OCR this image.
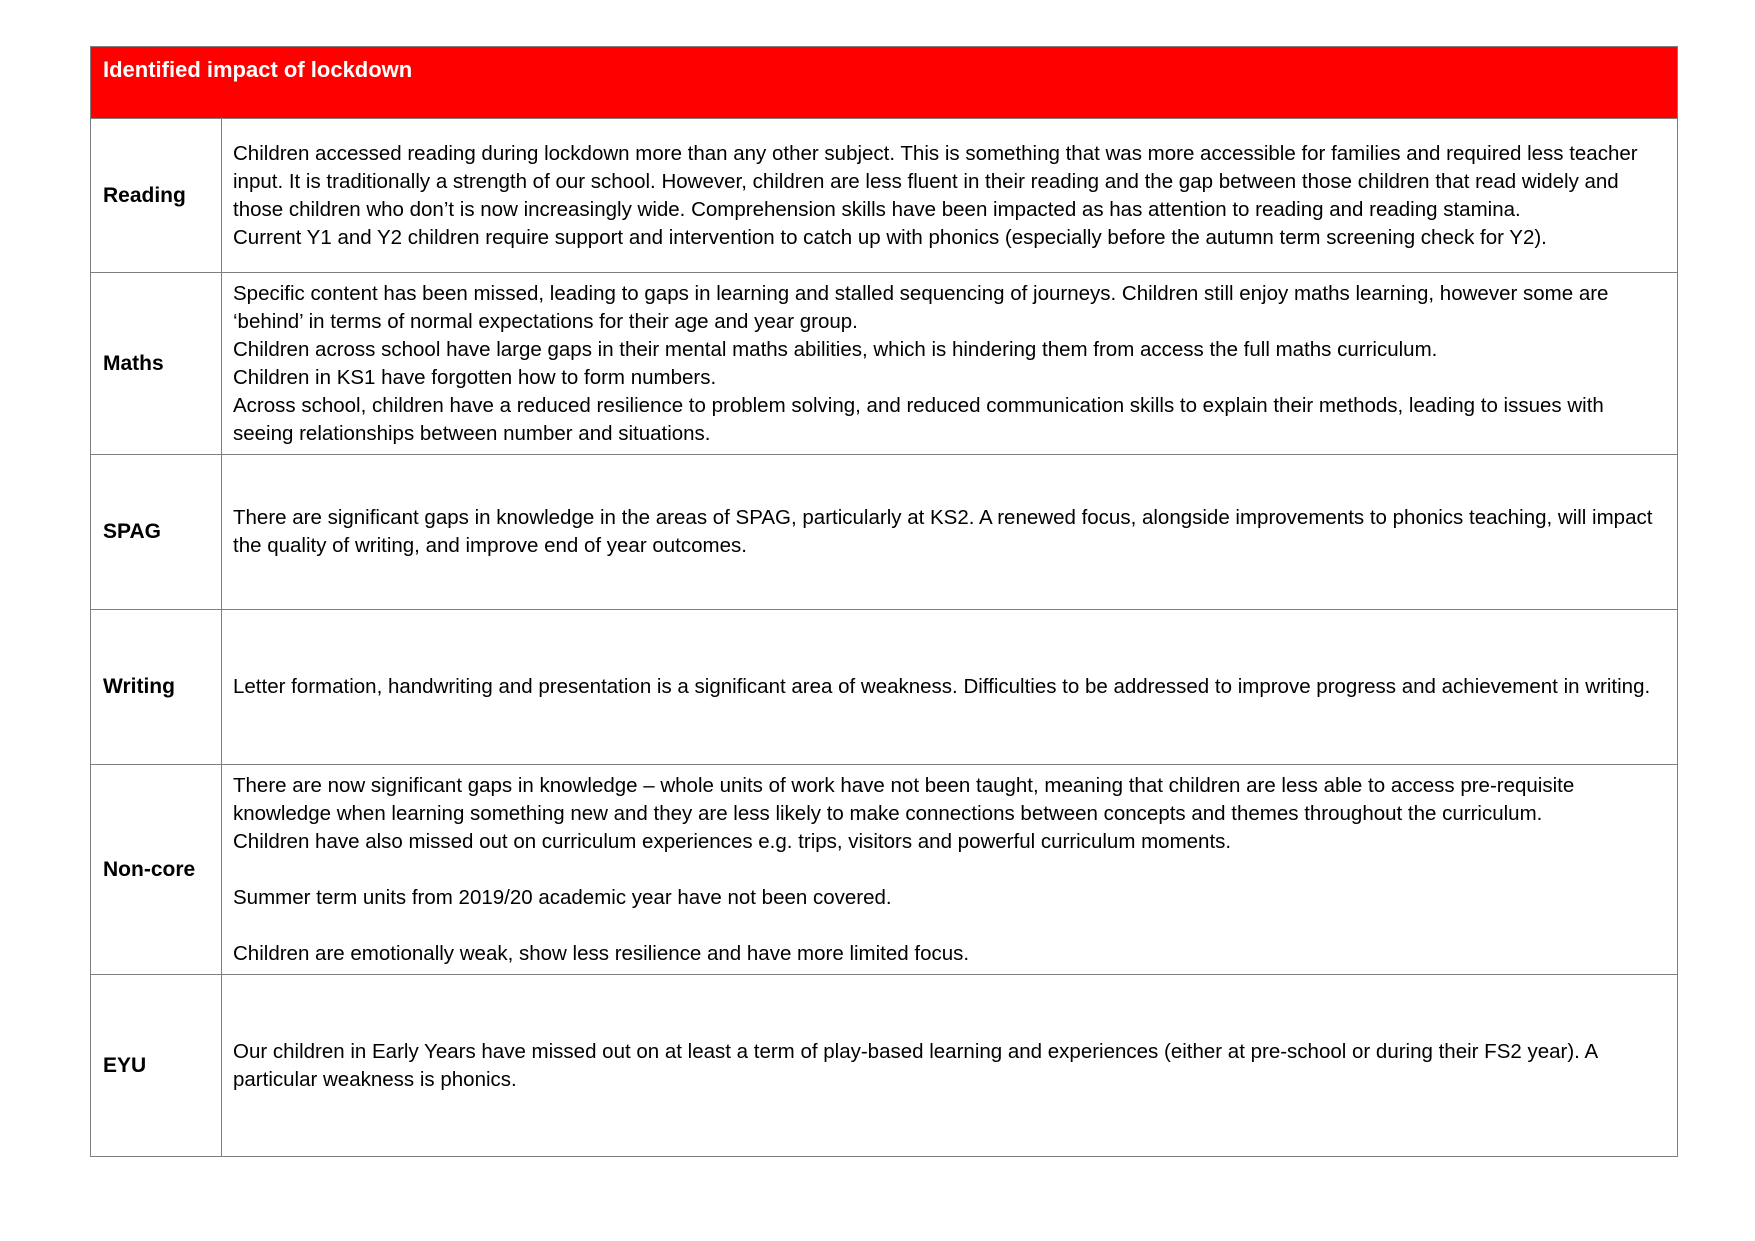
Identified impact of lockdown
Reading

Children accessed reading during lockdown more than any other subject. This is something that was more accessible for families and required less teacher input. It is traditionally a strength of our school. However, children are less fluent in their reading and the gap between those children that read widely and those children who don’t is now increasingly wide. Comprehension skills have been impacted as has attention to reading and reading stamina.

Current Y1 and Y2 children require support and intervention to catch up with phonics (especially before the autumn term screening check for Y2).

Maths

Specific content has been missed, leading to gaps in learning and stalled sequencing of journeys. Children still enjoy maths learning, however some are ‘behind’ in terms of normal expectations for their age and year group.

Children across school have large gaps in their mental maths abilities, which is hindering them from access the full maths curriculum.

Children in KS1 have forgotten how to form numbers.

Across school, children have a reduced resilience to problem solving, and reduced communication skills to explain their methods, leading to issues with seeing relationships between number and situations.

SPAG

There are significant gaps in knowledge in the areas of SPAG, particularly at KS2. A renewed focus, alongside improvements to phonics teaching, will impact the quality of writing, and improve end of year outcomes.

Writing	Letter formation, handwriting and presentation is a significant area of weakness. Difficulties to be addressed to improve progress and achievement in writing.

Non-core

There are now significant gaps in knowledge – whole units of work have not been taught, meaning that children are less able to access pre-requisite knowledge when learning something new and they are less likely to make connections between concepts and themes throughout the curriculum.

Children have also missed out on curriculum experiences e.g. trips, visitors and powerful curriculum moments.

Summer term units from 2019/20 academic year have not been covered.

Children are emotionally weak, show less resilience and have more limited focus.

EYU

Our children in Early Years have missed out on at least a term of play-based learning and experiences (either at pre-school or during their FS2 year). A particular weakness is phonics.
